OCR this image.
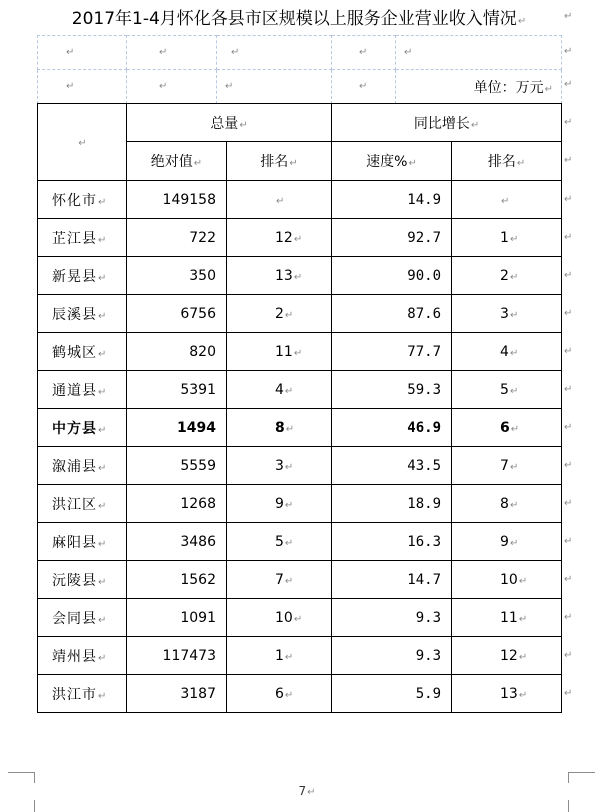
2017年1-4月怀化各县市区规模以上服务企业营业收入情况↵
↵	↵	↵	↵	↵

↵	↵	↵	↵	单位：万元↵
↵	总量↵		同比增长↵	
	绝对值↵	排名↵	速度%↵	排名↵
怀化市↵	149158	↵	14.9	↵
芷江县↵	722	12↵	92.7	1↵
新晃县↵	350	13↵	90.0	2↵
辰溪县↵	6756	2↵	87.6	3↵
鹤城区↵	820	11↵	77.7	4↵
通道县↵	5391	4↵	59.3	5↵
中方县↵	1494	8↵	46.9	6↵
溆浦县↵	5559	3↵	43.5	7↵
洪江区↵	1268	9↵	18.9	8↵
麻阳县↵	3486	5↵	16.3	9↵
沅陵县↵	1562	7↵	14.7	10↵
会同县↵	1091	10↵	9.3	11↵
靖州县↵	117473	1↵	9.3	12↵
洪江市↵	3187	6↵	5.9	13↵
↵
↵
↵
↵
↵
↵
↵
↵
↵
↵
↵
↵
↵
↵
↵
↵
↵
↵
↵
7↵
